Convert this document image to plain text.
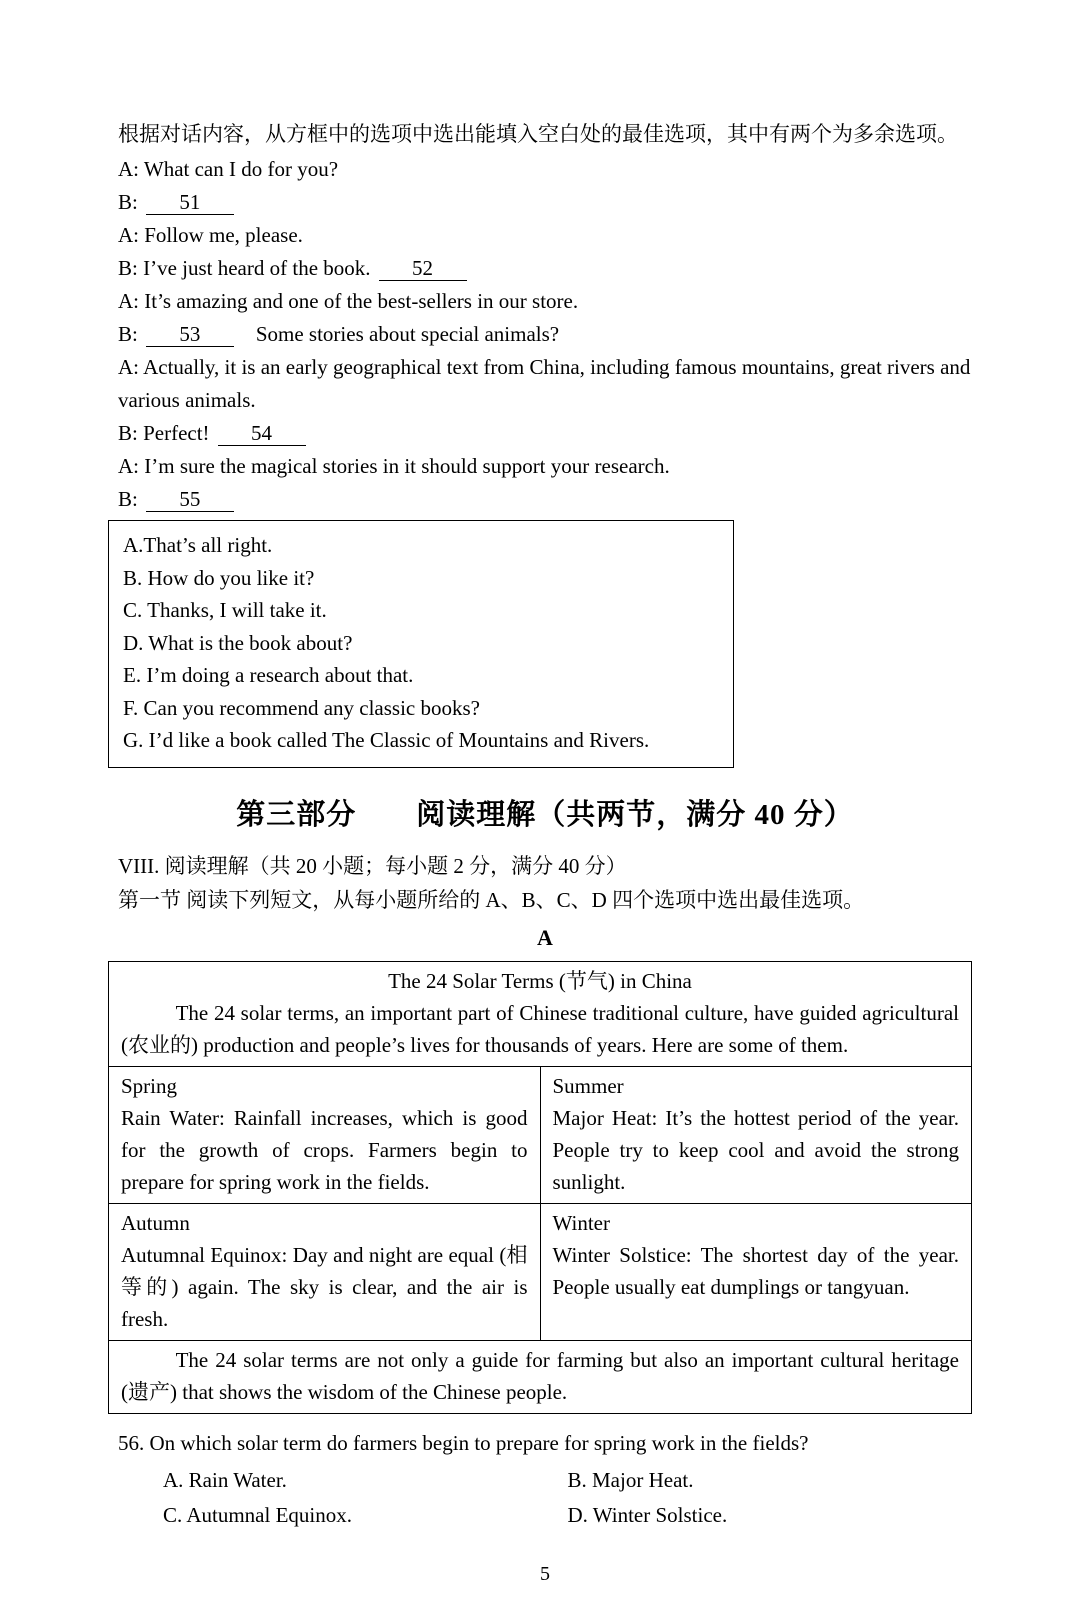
根据对话内容，从方框中的选项中选出能填入空白处的最佳选项，其中有两个为多余选项。

A: What can I do for you?

B: 51

A: Follow me, please.

B: I’ve just heard of the book. 52

A: It’s amazing and one of the best-sellers in our store.

B: 53	Some stories about special animals?

A: Actually, it is an early geographical text from China, including famous mountains, great rivers and various animals.

B: Perfect! 54

A: I’m sure the magical stories in it should support your research.

B: 55

A.That’s all right.

B. How do you like it?

C. Thanks, I will take it.

D. What is the book about?

E. I’m doing a research about that.

F. Can you recommend any classic books?

G. I’d like a book called The Classic of Mountains and Rivers.

第三部分　　阅读理解（共两节，满分 40 分）

VIII. 阅读理解（共 20 小题；每小题 2 分，满分 40 分）

第一节 阅读下列短文，从每小题所给的 A、B、C、D 四个选项中选出最佳选项。

A
The 24 Solar Terms (节气) in China

The 24 solar terms, an important part of Chinese traditional culture, have guided agricultural (农业的) production and people’s lives for thousands of years. Here are some of them.	

Spring
Rain Water: Rainfall increases, which is good for the growth of crops. Farmers begin to prepare for spring work in the fields.

Summer
Major Heat: It’s the hottest period of the year. People try to keep cool and avoid the strong sunlight.

Autumn
Autumnal Equinox: Day and night are equal (相等的) again. The sky is clear, and the air is fresh.

Winter
Winter Solstice: The shortest day of the year. People usually eat dumplings or tangyuan.

The 24 solar terms are not only a guide for farming but also an important cultural heritage (遗产) that shows the wisdom of the Chinese people.	

56. On which solar term do farmers begin to prepare for spring work in the fields?

A. Rain Water.	B. Major Heat.
C. Autumnal Equinox.	D. Winter Solstice.
5
